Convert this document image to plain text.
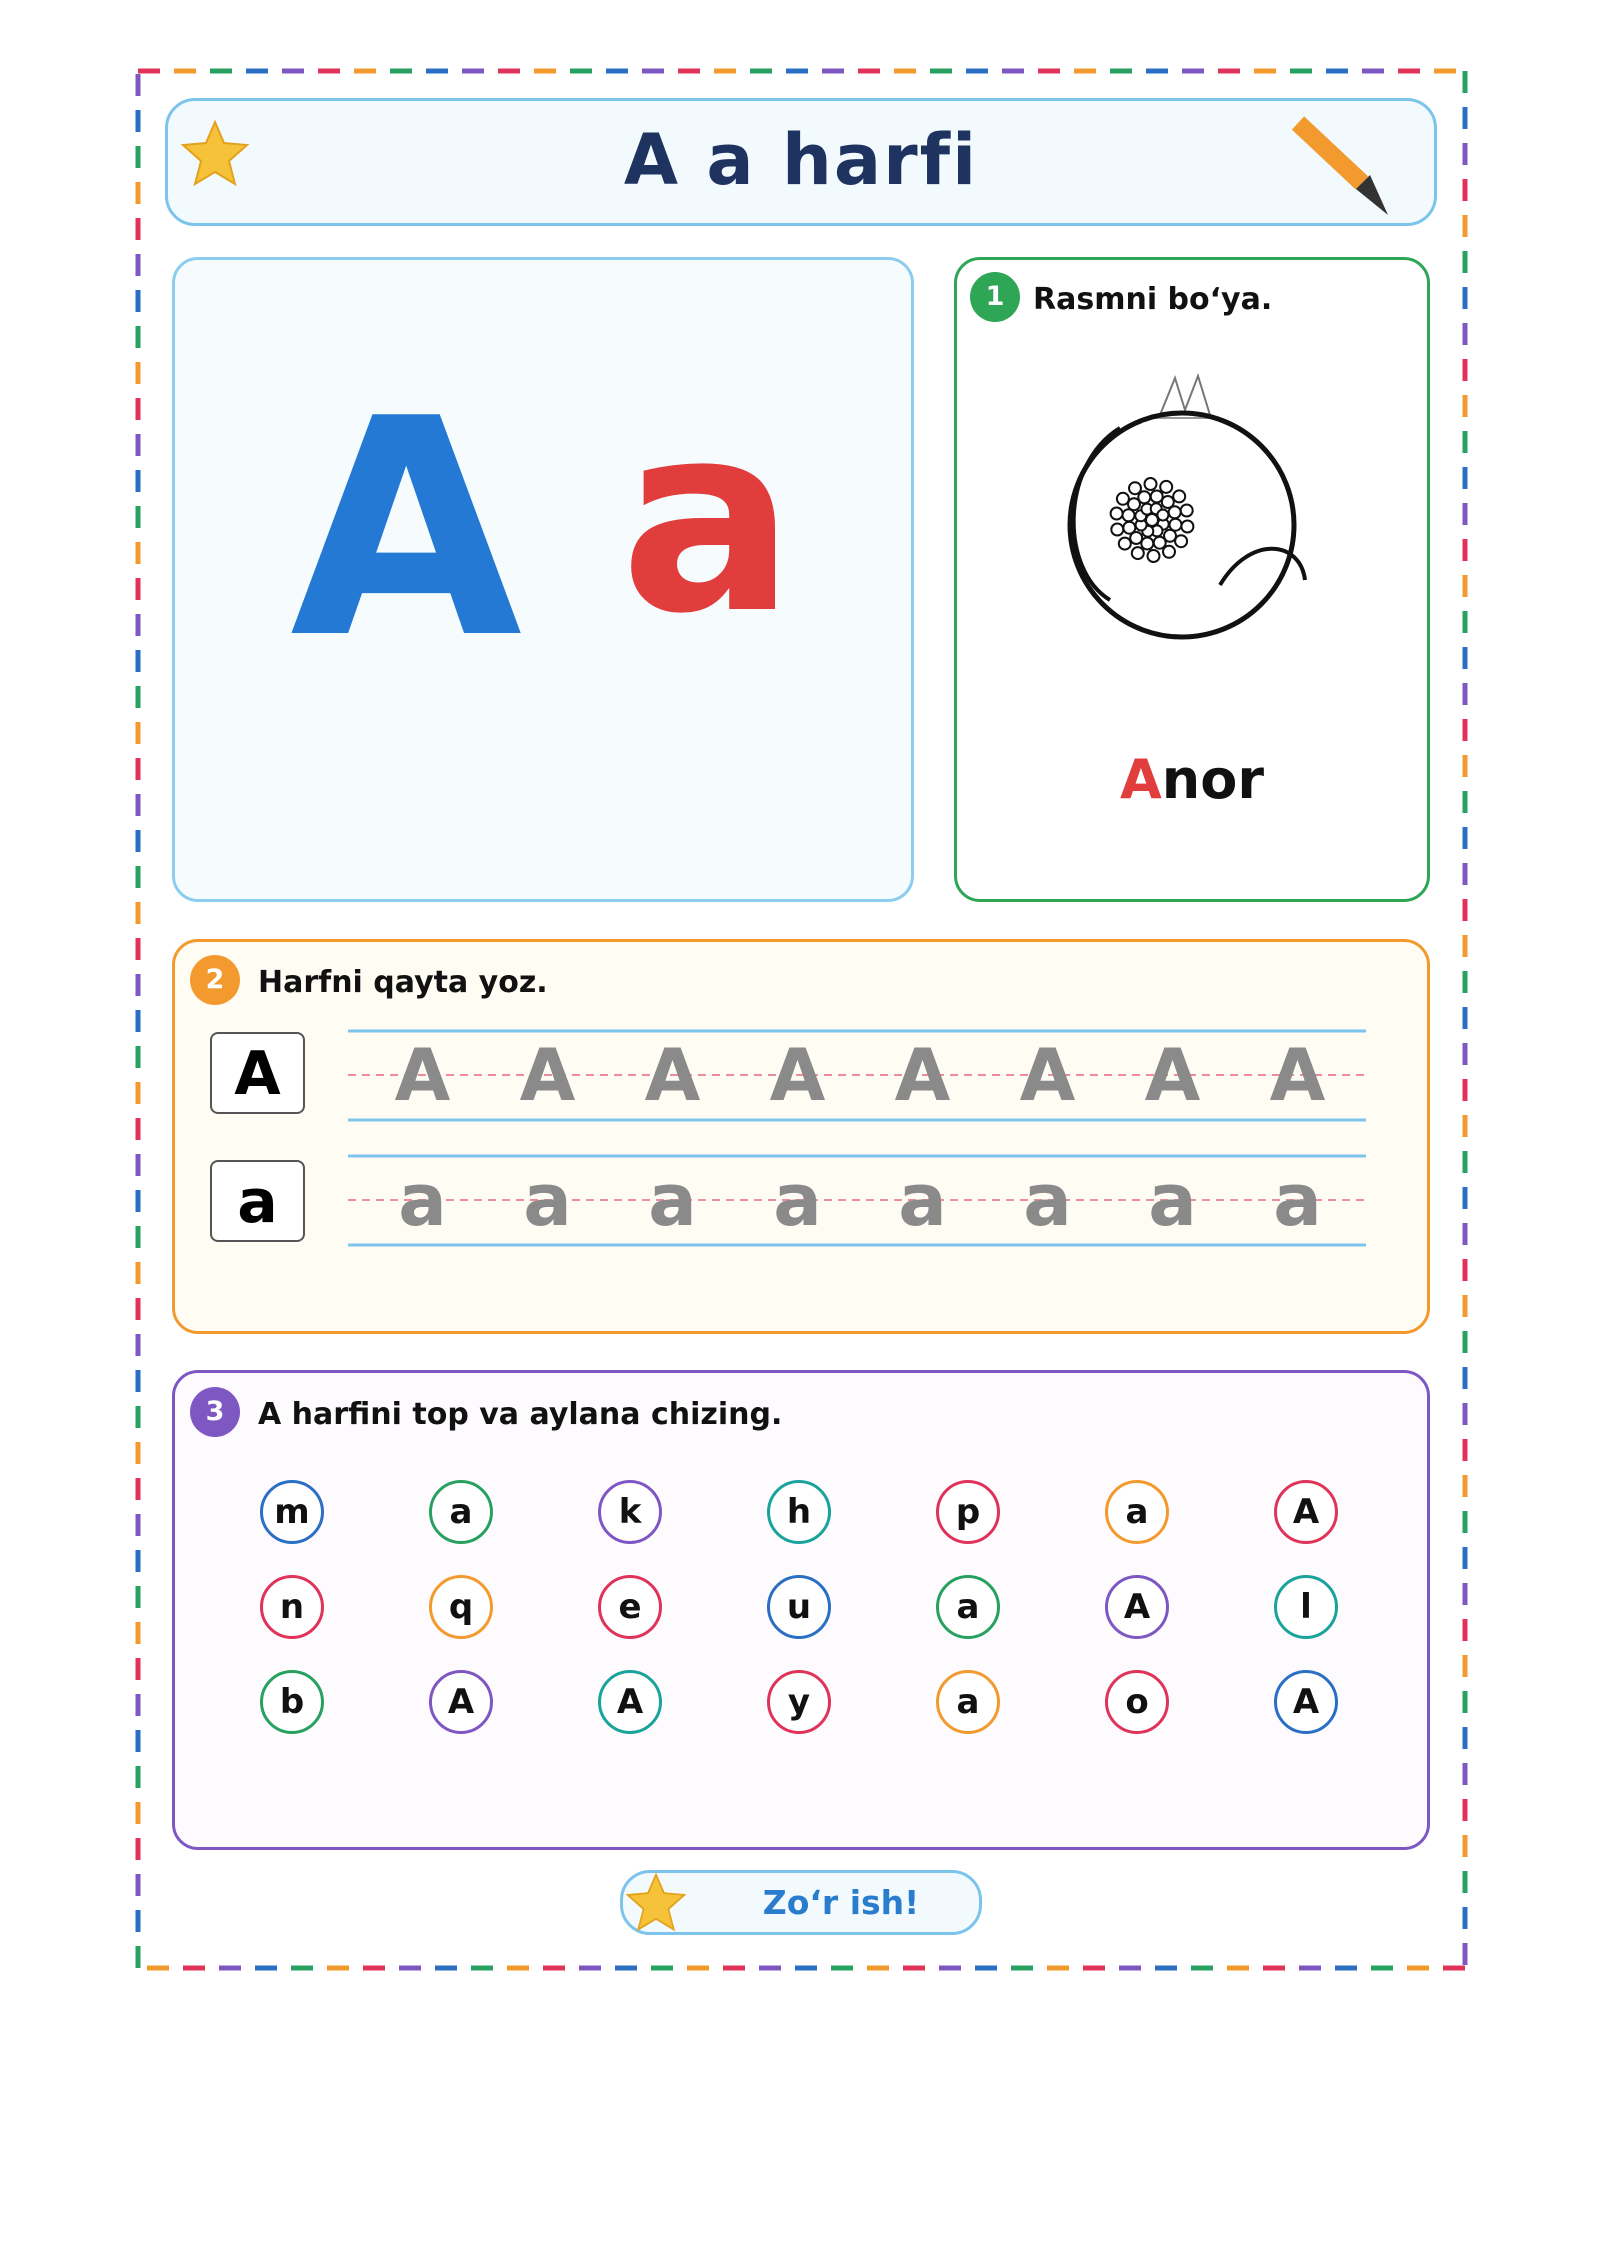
A a harfi
A a
1 Rasmni bo‘ya.
Anor
2	Harfni qayta yoz.
A
a
A A A A A A A A
a a a a a a a a
3	A harfini top va aylana chizing.
m	a	k	h	p	a	A
n	q	e	u	a	A	l
b	A	A	y	a	o	A
Zo‘r ish!
